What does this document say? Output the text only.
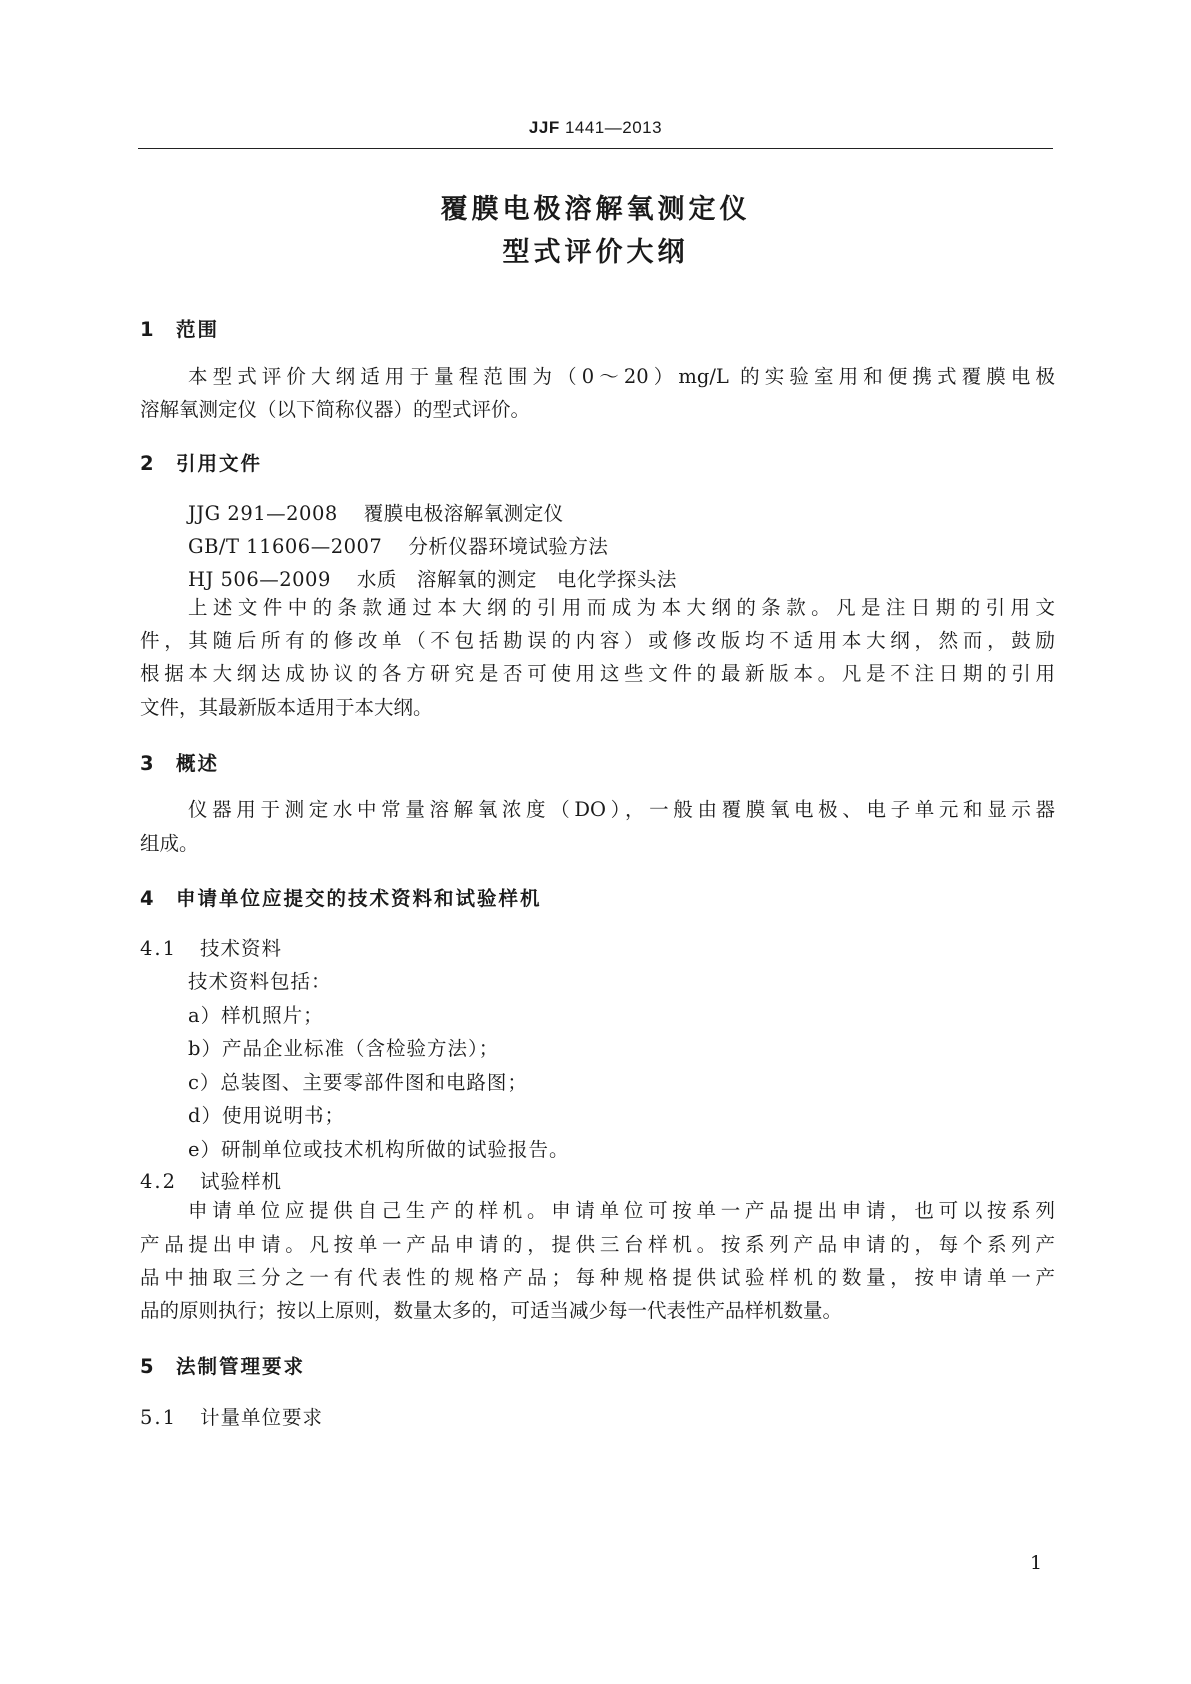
JJF 1441—2013
覆膜电极溶解氧测定仪
型式评价大纲
1 范围
本型式评价大纲适用于量程范围为（0～20）mg/L 的实验室用和便携式覆膜电极
溶解氧测定仪（以下简称仪器）的型式评价。
2 引用文件
JJG 291—2008 覆膜电极溶解氧测定仪
GB/T 11606—2007 分析仪器环境试验方法
HJ 506—2009 水质　溶解氧的测定　电化学探头法
上述文件中的条款通过本大纲的引用而成为本大纲的条款。凡是注日期的引用文
件，其随后所有的修改单（不包括勘误的内容）或修改版均不适用本大纲，然而，鼓励
根据本大纲达成协议的各方研究是否可使用这些文件的最新版本。凡是不注日期的引用
文件，其最新版本适用于本大纲。
3 概述
仪器用于测定水中常量溶解氧浓度（DO），一般由覆膜氧电极、电子单元和显示器
组成。
4 申请单位应提交的技术资料和试验样机
4.1 技术资料
技术资料包括：
a）样机照片；
b）产品企业标准（含检验方法）；
c）总装图、主要零部件图和电路图；
d）使用说明书；
e）研制单位或技术机构所做的试验报告。
4.2 试验样机
申请单位应提供自己生产的样机。申请单位可按单一产品提出申请，也可以按系列
产品提出申请。凡按单一产品申请的，提供三台样机。按系列产品申请的，每个系列产
品中抽取三分之一有代表性的规格产品；每种规格提供试验样机的数量，按申请单一产
品的原则执行；按以上原则，数量太多的，可适当减少每一代表性产品样机数量。
5 法制管理要求
5.1 计量单位要求
1
